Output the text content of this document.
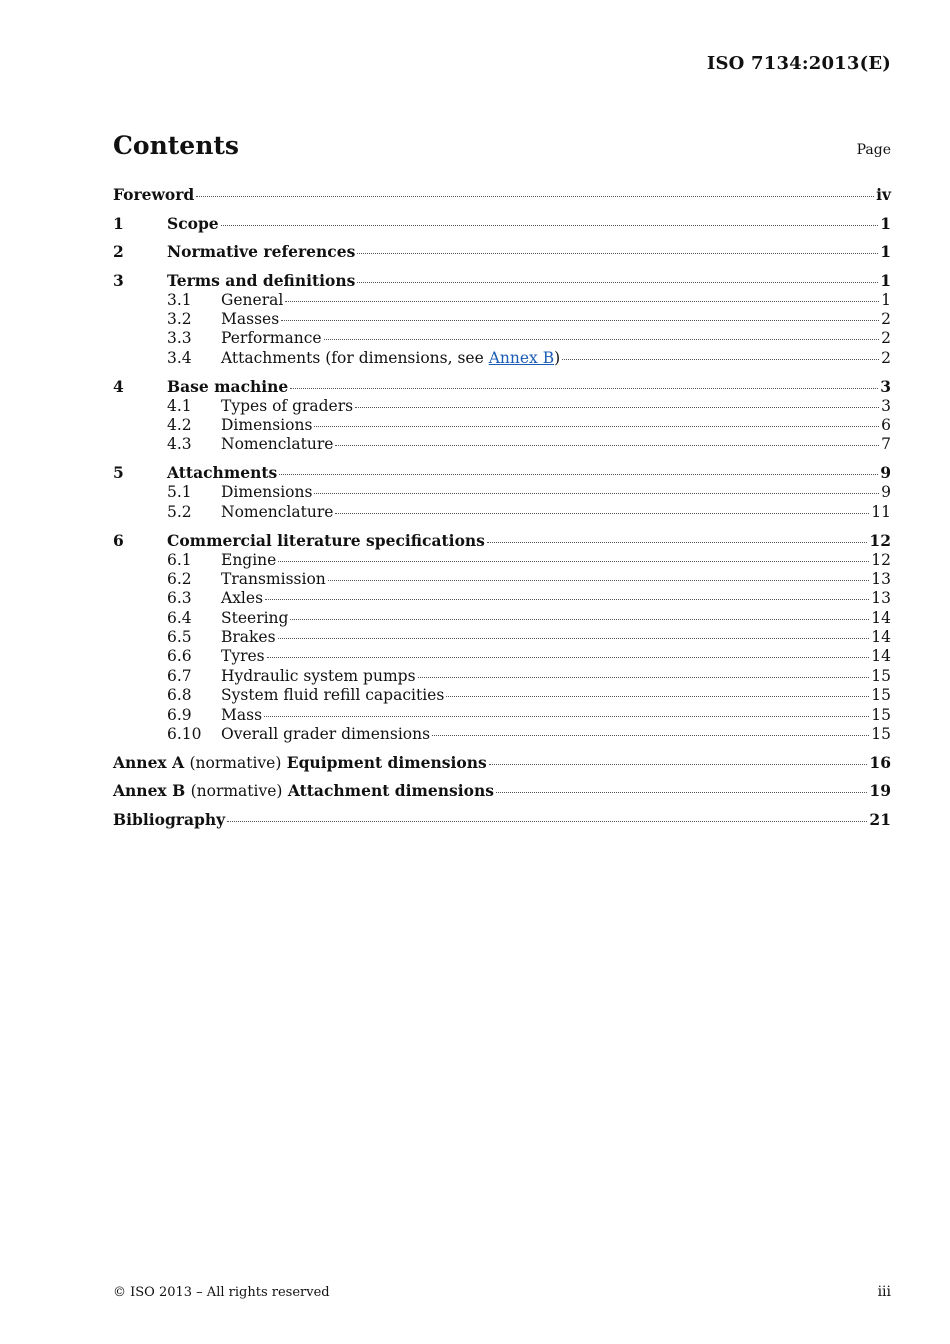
ISO 7134:2013(E)
Contents	Page
Foreword	iv
1	Scope	1
2	Normative references	1
3	Terms and definitions	1
3.1	General	1
3.2	Masses	2
3.3	Performance	2
3.4	Attachments (for dimensions, see Annex B)	2
4	Base machine	3
4.1	Types of graders	3
4.2	Dimensions	6
4.3	Nomenclature	7
5	Attachments	9
5.1	Dimensions	9
5.2	Nomenclature	11
6	Commercial literature specifications	12
6.1	Engine	12
6.2	Transmission	13
6.3	Axles	13
6.4	Steering	14
6.5	Brakes	14
6.6	Tyres	14
6.7	Hydraulic system pumps	15
6.8	System fluid refill capacities	15
6.9	Mass	15
6.10	Overall grader dimensions	15
Annex A (normative) Equipment dimensions	16
Annex B (normative) Attachment dimensions	19
Bibliography	21
© ISO 2013 – All rights reserved	iii
